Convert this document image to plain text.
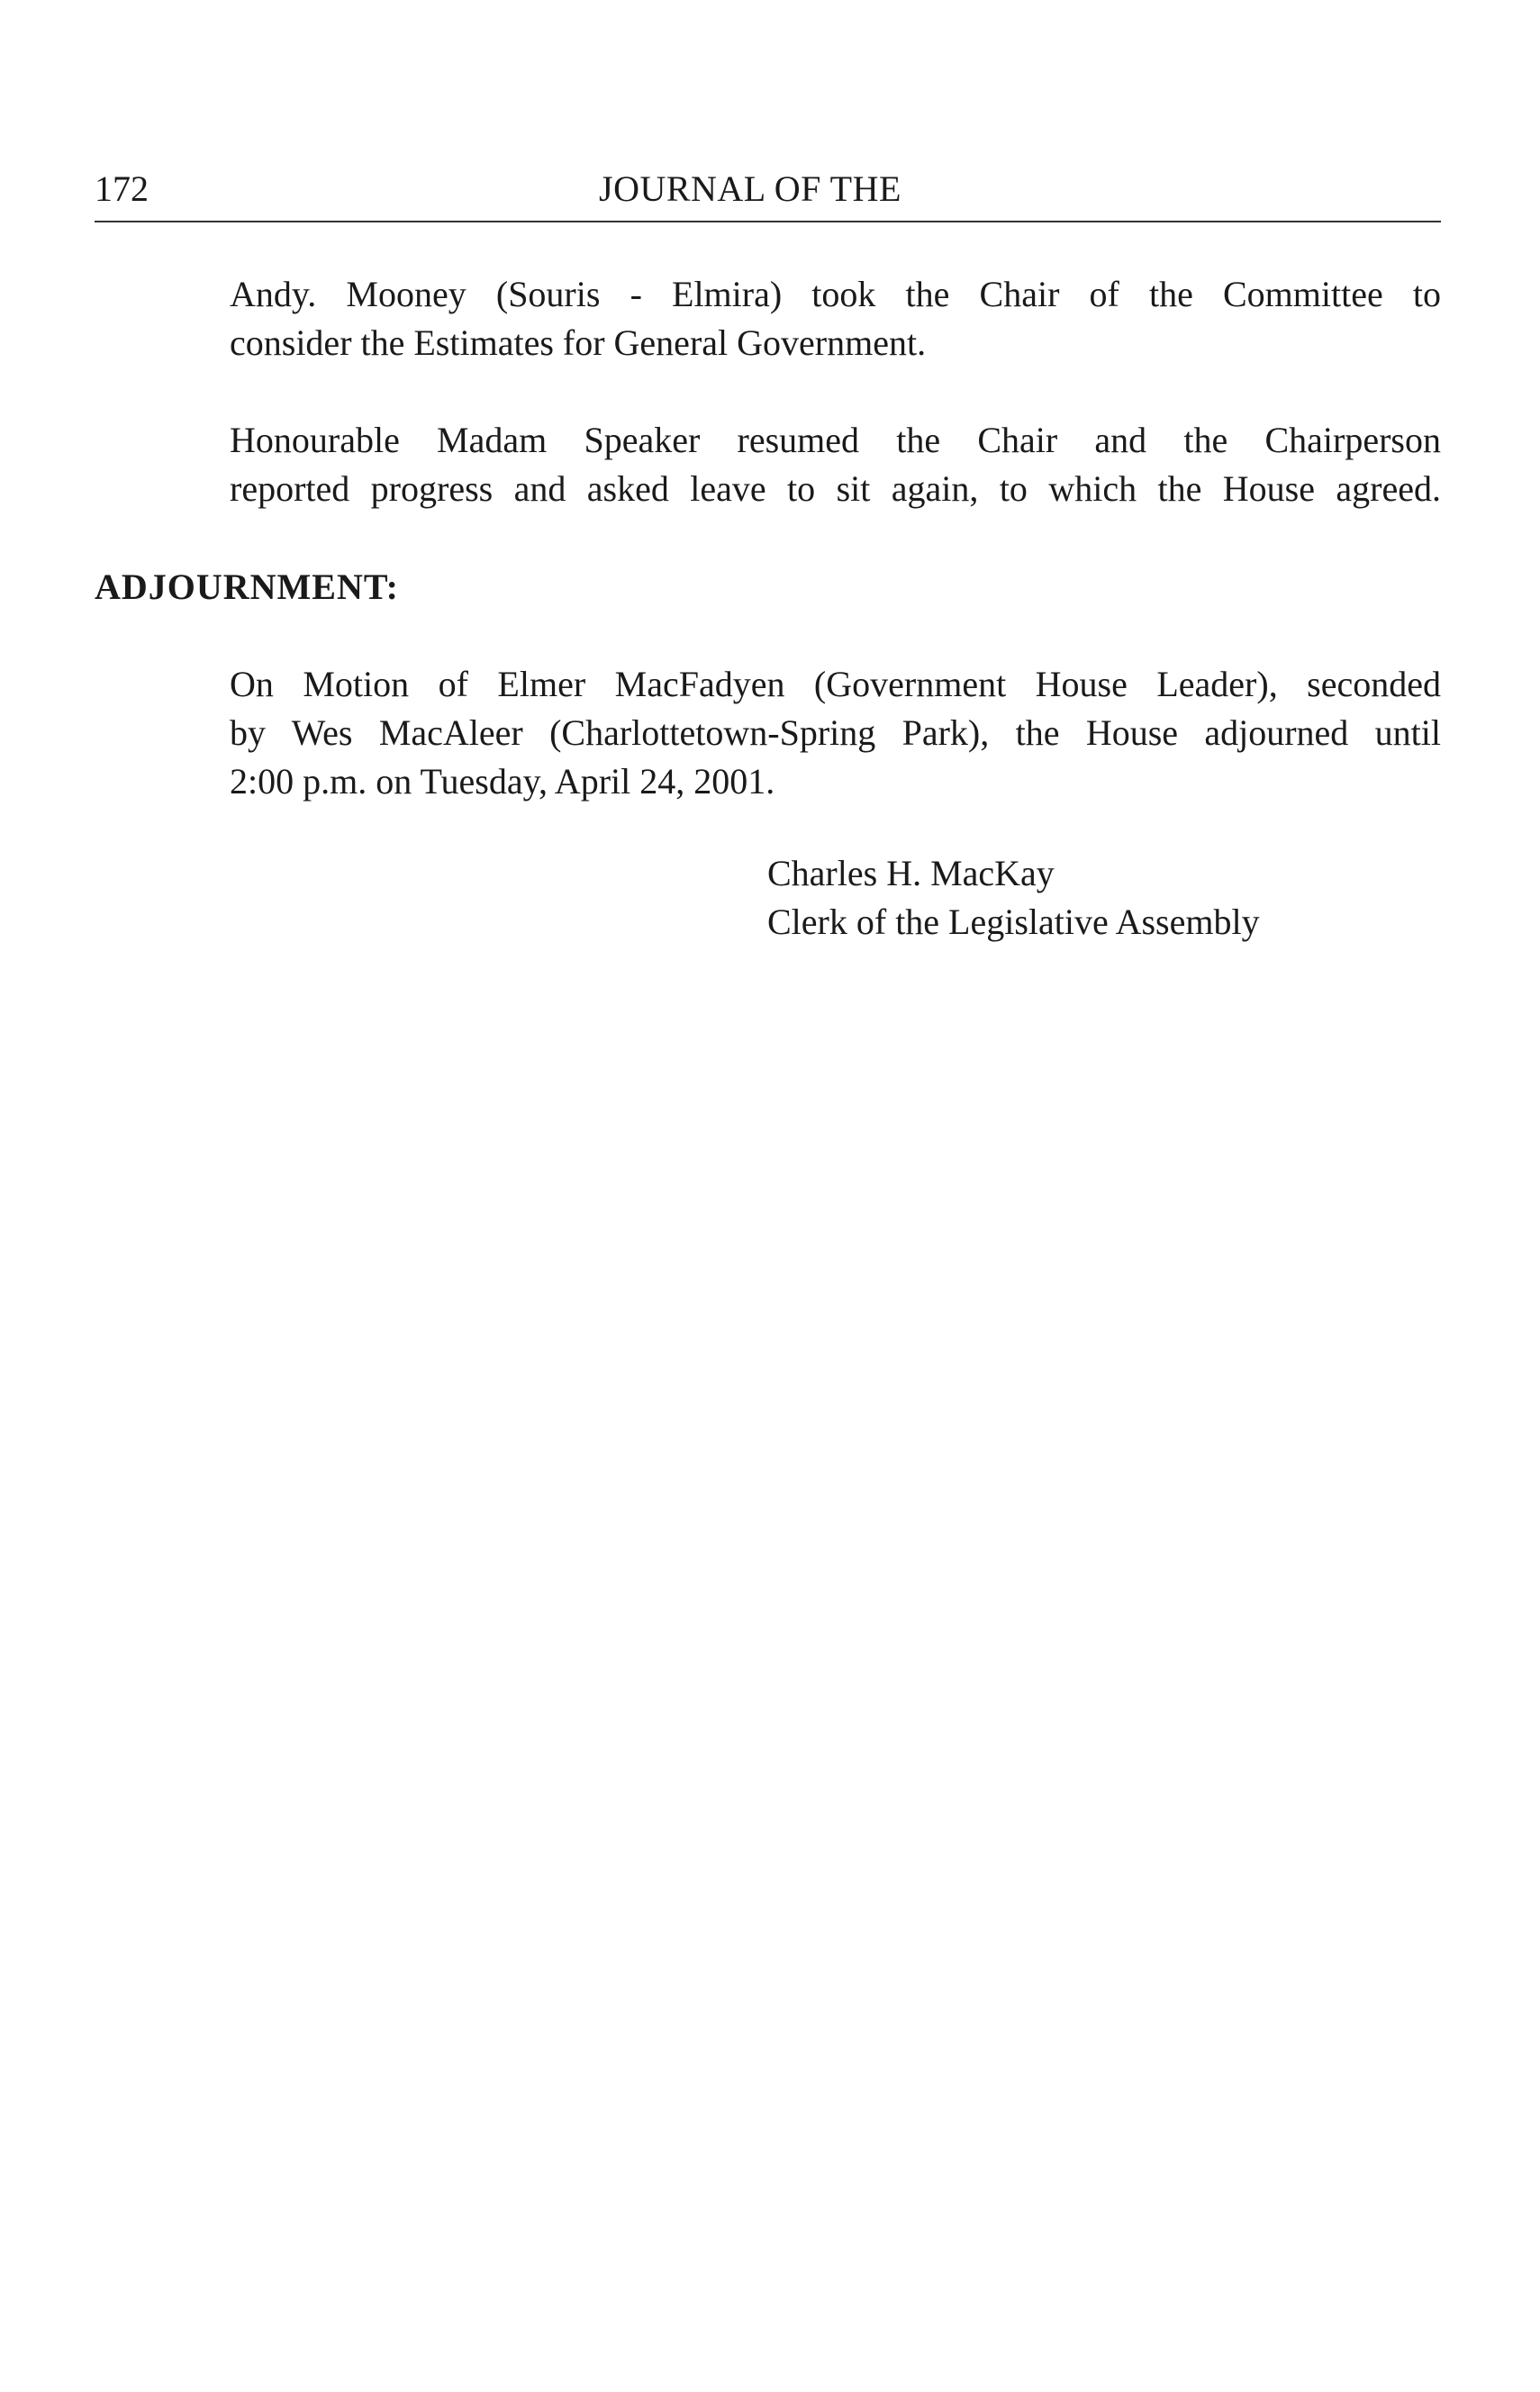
172	JOURNAL OF THE

Andy. Mooney (Souris - Elmira) took the Chair of the Committee to
consider the Estimates for General Government.

Honourable Madam Speaker resumed the Chair and the Chairperson
reported progress and asked leave to sit again, to which the House agreed.

ADJOURNMENT:

On Motion of Elmer MacFadyen (Government House Leader), seconded
by Wes MacAleer (Charlottetown-Spring Park), the House adjourned until
2:00 p.m. on Tuesday, April 24, 2001.

Charles H. MacKay
Clerk of the Legislative Assembly
